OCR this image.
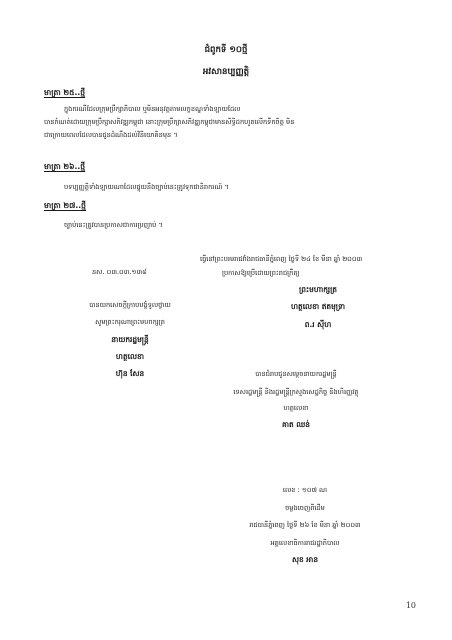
ជំពូកទី ១០ថ្មី
អវសានប្បញ្ញត្តិ
មាត្រា ២៥..ថ្មី

ក្នុងករណីដែលក្រុមប្រឹក្សាភិបាល ឬមិនអនុវត្តតាមលក្ខខណ្ឌទាំងឡាយដែល

បានកំណត់ដោយក្រុមប្រឹក្សាសភិវឌ្ឍកម្ពុជា នោះក្រុមប្រឹក្សាសភិវឌ្ឍកម្ពុជាមានសិទ្ធិដកហូតលើកទឹកចិត្ត មិន

ជាក្រោយពេលដែលបានជូនដំណឹងដល់វិនិយោគិនមុន ។

មាត្រា ២៦..ថ្មី

បទប្បញ្ញត្តិទាំងឡាយណាដែលផ្ទុយនឹងច្បាប់នេះត្រូវទុកជានិរាករណ៍ ។

មាត្រា ២៧..ថ្មី

ច្បាប់នេះត្រូវបានប្រកាសជាការប្រញាប់ ។

ធ្វើនៅព្រះបរមរាជវាំងរាជធានីភ្នំពេញ ថ្ងៃទី ២៤ ខែ មីនា ឆ្នាំ ២០០៣
នស. ០៣.០៣.១៣៨	ប្រកាសឱ្យប្រើដោយព្រះរាជក្រឹត្យ
ព្រះមហាក្សត្រ
ហត្ថលេខា ឥតមុទ្រា
ព.រ ស៊ីហ
បានយកសេចក្តីក្រាបបង្គំទូលថ្វាយ
សូមព្រះករុណាព្រះមហាក្សត្រ
នាយករដ្ឋមន្ត្រី
ហត្ថលេខា
ហ៊ុន សែន	បានជំរាបជូនសម្ដេចនាយករដ្ឋមន្ត្រី
ទេសរដ្ឋមន្ត្រី និងរដ្ឋមន្ត្រីក្រសួងសេដ្ឋកិច្ច និងហិរញ្ញវត្ថុ
ហត្ថលេខា
គាត ឈន់
លេខ : ១០៧ ណ
ចម្លងចេញពីដើម
រាជធានីភ្នំពេញ ថ្ងៃទី ២៦ ខែ មីនា ឆ្នាំ ២០០៣
អគ្គលេខាធិការរាជរដ្ឋាភិបាល
សុខ អាន
10
